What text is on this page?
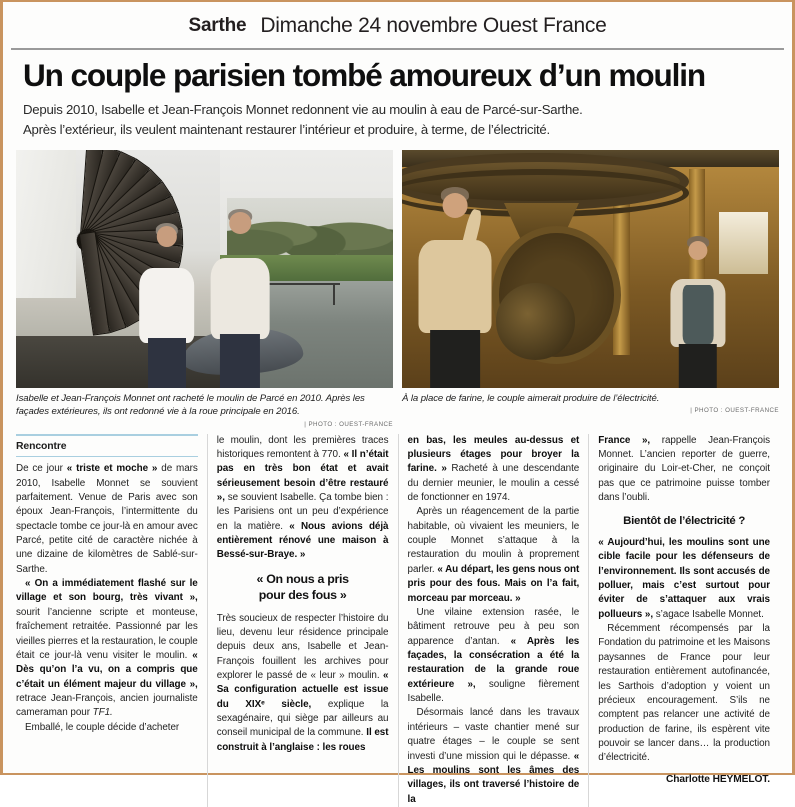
Sarthe Dimanche 24 novembre Ouest France
Un couple parisien tombé amoureux d’un moulin
Depuis 2010, Isabelle et Jean-François Monnet redonnent vie au moulin à eau de Parcé-sur-Sarthe.
Après l’extérieur, ils veulent maintenant restaurer l’intérieur et produire, à terme, de l’électricité.
Isabelle et Jean-François Monnet ont racheté le moulin de Parcé en 2010. Après les façades extérieures, ils ont redonné vie à la roue principale en 2016.
| PHOTO : OUEST-FRANCE
À la place de farine, le couple aimerait produire de l’électricité.
| PHOTO : OUEST-FRANCE
Rencontre

De ce jour « triste et moche » de mars 2010, Isabelle Monnet se souvient parfaitement. Venue de Paris avec son époux Jean-François, l’intermittente du spectacle tombe ce jour-là en amour avec Parcé, petite cité de caractère nichée à une dizaine de kilomètres de Sablé-sur-Sarthe.

« On a immédiatement flashé sur le village et son bourg, très vivant », sourit l’ancienne scripte et monteuse, fraîchement retraitée. Passionné par les vieilles pierres et la restauration, le couple était ce jour-là venu visiter le moulin. « Dès qu’on l’a vu, on a compris que c’était un élément majeur du village », retrace Jean-François, ancien journaliste cameraman pour TF1.

Emballé, le couple décide d’acheter

le moulin, dont les premières traces historiques remontent à 770. « Il n’était pas en très bon état et avait sérieusement besoin d’être restauré », se souvient Isabelle. Ça tombe bien : les Parisiens ont un peu d’expérience en la matière. « Nous avions déjà entièrement rénové une maison à Bessé-sur-Braye. »

« On nous a pris
pour des fous »

Très soucieux de respecter l’histoire du lieu, devenu leur résidence principale depuis deux ans, Isabelle et Jean-François fouillent les archives pour explorer le passé de « leur » moulin. « Sa configuration actuelle est issue du XIXᵉ siècle, explique la sexagénaire, qui siège par ailleurs au conseil municipal de la commune. Il est construit à l’anglaise : les roues

en bas, les meules au-dessus et plusieurs étages pour broyer la farine. » Racheté à une descendante du dernier meunier, le moulin a cessé de fonctionner en 1974.

Après un réagencement de la partie habitable, où vivaient les meuniers, le couple Monnet s’attaque à la restauration du moulin à proprement parler. « Au départ, les gens nous ont pris pour des fous. Mais on l’a fait, morceau par morceau. »

Une vilaine extension rasée, le bâtiment retrouve peu à peu son apparence d’antan. « Après les façades, la consécration a été la restauration de la grande roue extérieure », souligne fièrement Isabelle.

Désormais lancé dans les travaux intérieurs – vaste chantier mené sur quatre étages – le couple se sent investi d’une mission qui le dépasse. « Les moulins sont les âmes des villages, ils ont traversé l’histoire de la

France », rappelle Jean-François Monnet. L’ancien reporter de guerre, originaire du Loir-et-Cher, ne conçoit pas que ce patrimoine puisse tomber dans l’oubli.

Bientôt de l’électricité ?

« Aujourd’hui, les moulins sont une cible facile pour les défenseurs de l’environnement. Ils sont accusés de polluer, mais c’est surtout pour éviter de s’attaquer aux vrais pollueurs », s’agace Isabelle Monnet.

Récemment récompensés par la Fondation du patrimoine et les Maisons paysannes de France pour leur restauration entièrement autofinancée, les Sarthois d’adoption y voient un précieux encouragement. S’ils ne comptent pas relancer une activité de production de farine, ils espèrent vite pouvoir se lancer dans… la production d’électricité.

Charlotte HEYMELOT.
